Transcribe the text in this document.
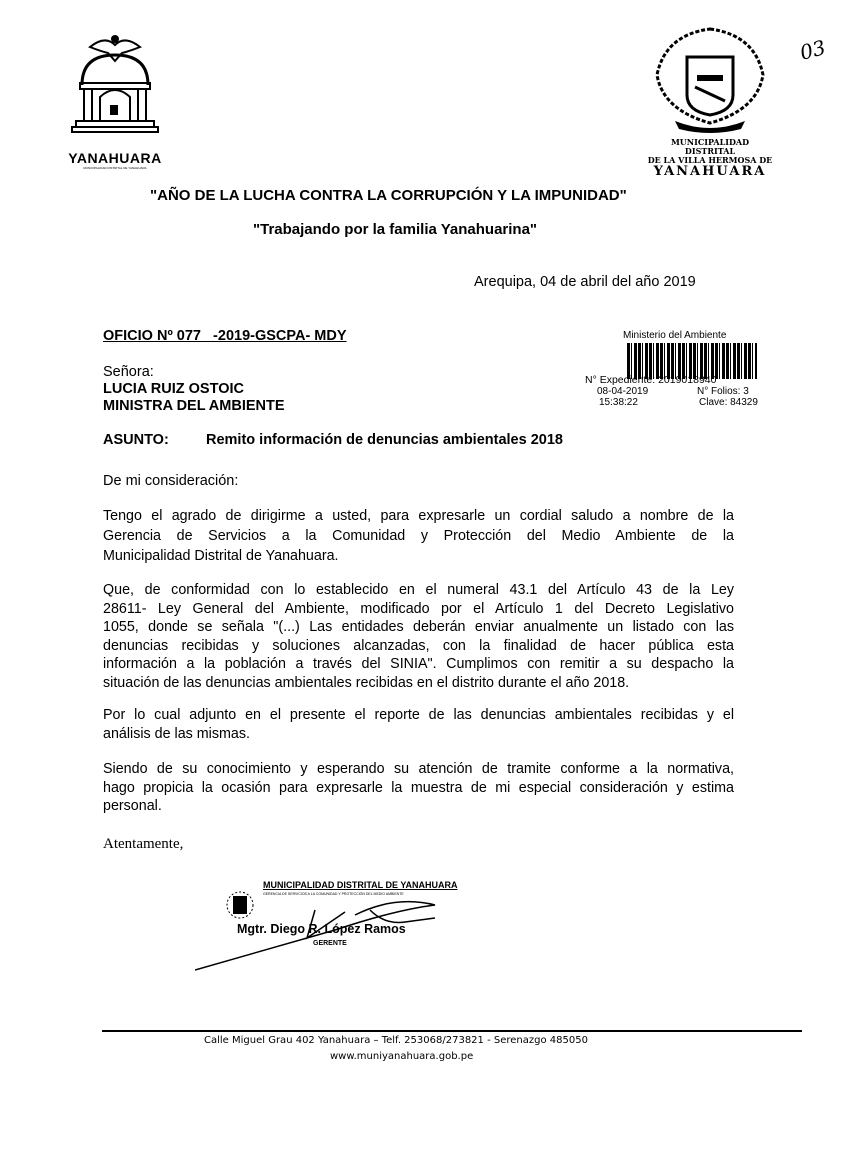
YANAHUARA
MUNICIPALIDAD DISTRITAL DE YANAHUARA
MUNICIPALIDAD DISTRITAL
DE LA VILLA HERMOSA DE
YANAHUARA
03
"AÑO DE LA LUCHA CONTRA LA CORRUPCIÓN Y LA IMPUNIDAD"
"Trabajando por la familia Yanahuarina"
Arequipa, 04 de abril del año 2019
OFICIO Nº 077   -2019-GSCPA- MDY	Ministerio del Ambiente
N° Expediente: 2019018940
08-04-2019	N° Folios: 3
15:38:22	Clave: 84329
Señora:
LUCIA RUIZ OSTOIC
MINISTRA DEL AMBIENTE
ASUNTO:	Remito información de denuncias ambientales 2018
De mi consideración:
Tengo el agrado de dirigirme a usted, para expresarle un cordial saludo a nombre de la
Gerencia de Servicios a la Comunidad y Protección del Medio Ambiente de la
Municipalidad Distrital de Yanahuara.
Que, de conformidad con lo establecido en el numeral 43.1 del Artículo 43 de la Ley
28611- Ley General del Ambiente, modificado por el Artículo 1 del Decreto Legislativo
1055, donde se señala "(...) Las entidades deberán enviar anualmente un listado con las
denuncias recibidas y soluciones alcanzadas, con la finalidad de hacer pública esta
información a la población a través del SINIA". Cumplimos con remitir a su despacho la
situación de las denuncias ambientales recibidas en el distrito durante el año 2018.
Por lo cual adjunto en el presente el reporte de las denuncias ambientales recibidas y el
análisis de las mismas.
Siendo de su conocimiento y esperando su atención de tramite conforme a la normativa,
hago propicia la ocasión para expresarle la muestra de mi especial consideración y estima
personal.
Atentamente,
MUNICIPALIDAD DISTRITAL DE YANAHUARA
GERENCIA DE SERVICIOS A LA COMUNIDAD Y PROTECCIÓN DEL MEDIO AMBIENTE
Mgtr. Diego R. López Ramos
GERENTE
Calle Miguel Grau 402 Yanahuara – Telf. 253068/273821 - Serenazgo 485050
www.muniyanahuara.gob.pe
